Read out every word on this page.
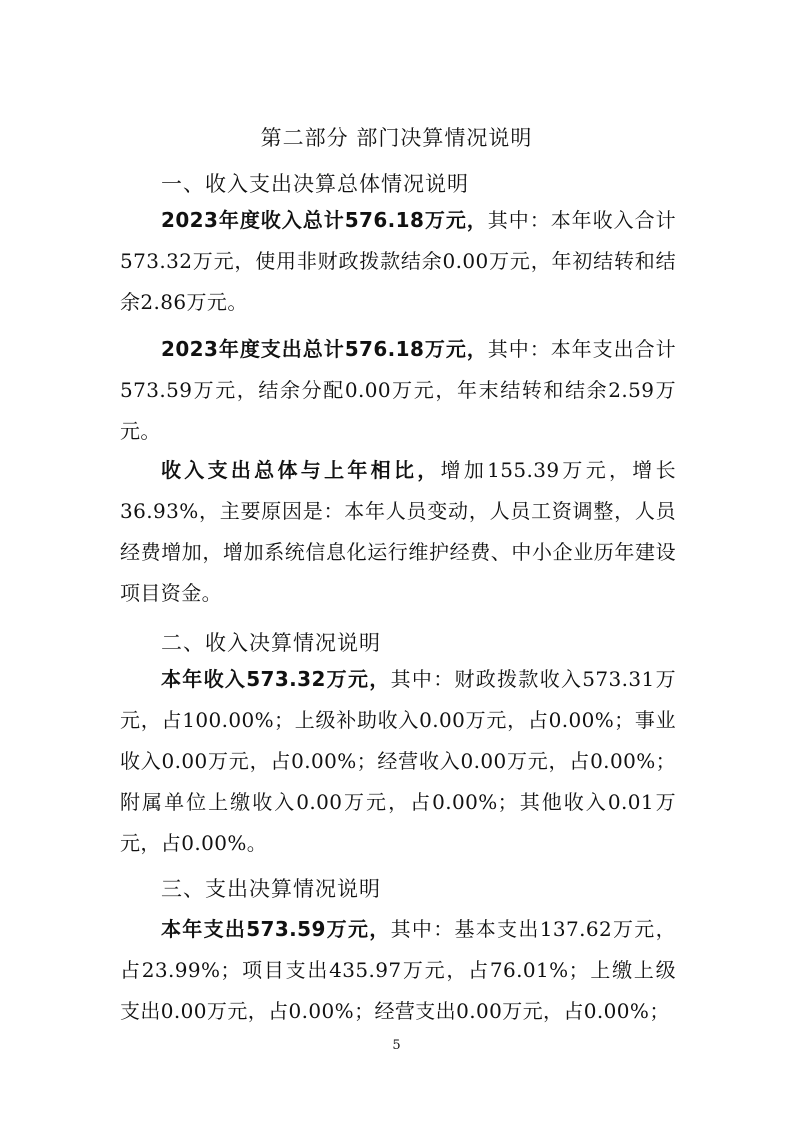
第二部分 部门决算情况说明
一、收入支出决算总体情况说明
2023年度收入总计576.18万元，其中：本年收入合计573.32万元，使用非财政拨款结余0.00万元，年初结转和结余2.86万元。
2023年度支出总计576.18万元，其中：本年支出合计573.59万元，结余分配0.00万元，年末结转和结余2.59万元。
收入支出总体与上年相比，增加155.39万元，增长36.93%，主要原因是：本年人员变动，人员工资调整，人员经费增加，增加系统信息化运行维护经费、中小企业历年建设项目资金。
二、收入决算情况说明
本年收入573.32万元，其中：财政拨款收入573.31万元，占100.00%；上级补助收入0.00万元，占0.00%；事业收入0.00万元，占0.00%；经营收入0.00万元，占0.00%；附属单位上缴收入0.00万元，占0.00%；其他收入0.01万元，占0.00%。
三、支出决算情况说明
本年支出573.59万元，其中：基本支出137.62万元，占23.99%；项目支出435.97万元，占76.01%；上缴上级支出0.00万元，占0.00%；经营支出0.00万元，占0.00%；
5
